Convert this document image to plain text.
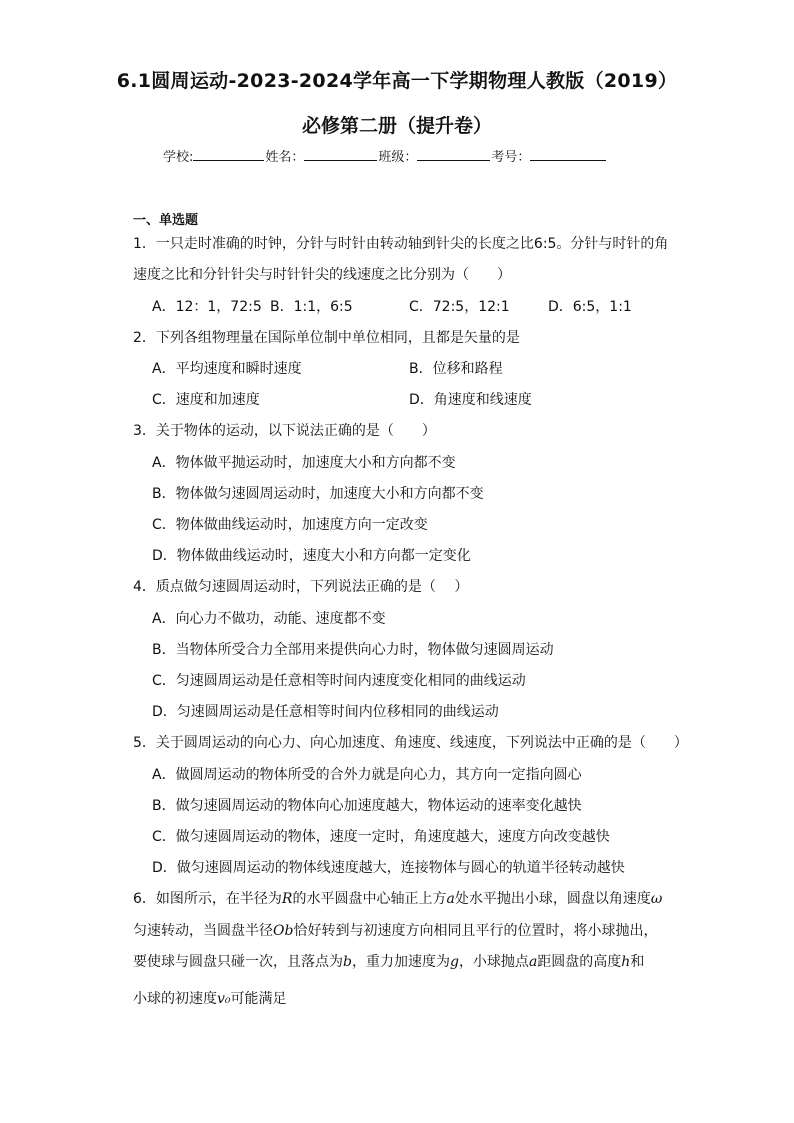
6.1圆周运动-2023-2024学年高一下学期物理人教版（2019）
必修第二册（提升卷）
学校:	姓名：	班级：	考号：
一、单选题
1．一只走时准确的时钟，分针与时针由转动轴到针尖的长度之比6:5。分针与时针的角
速度之比和分针针尖与时针针尖的线速度之比分别为（　　）
A．12：1，72:5 B．1:1，6:5	C．72:5，12:1	D．6:5，1:1
2．下列各组物理量在国际单位制中单位相同，且都是矢量的是
A．平均速度和瞬时速度	B．位移和路程
C．速度和加速度	D．角速度和线速度
3．关于物体的运动，以下说法正确的是（　　）
A．物体做平抛运动时，加速度大小和方向都不变
B．物体做匀速圆周运动时，加速度大小和方向都不变
C．物体做曲线运动时，加速度方向一定改变
D．物体做曲线运动时，速度大小和方向都一定变化
4．质点做匀速圆周运动时，下列说法正确的是（　 ）
A．向心力不做功，动能、速度都不变
B．当物体所受合力全部用来提供向心力时，物体做匀速圆周运动
C．匀速圆周运动是任意相等时间内速度变化相同的曲线运动
D．匀速圆周运动是任意相等时间内位移相同的曲线运动
5．关于圆周运动的向心力、向心加速度、角速度、线速度，下列说法中正确的是（　　）
A．做圆周运动的物体所受的合外力就是向心力，其方向一定指向圆心
B．做匀速圆周运动的物体向心加速度越大，物体运动的速率变化越快
C．做匀速圆周运动的物体，速度一定时，角速度越大，速度方向改变越快
D．做匀速圆周运动的物体线速度越大，连接物体与圆心的轨道半径转动越快
6．如图所示，在半径为R的水平圆盘中心轴正上方a处水平抛出小球，圆盘以角速度ω
匀速转动，当圆盘半径Ob恰好转到与初速度方向相同且平行的位置时，将小球抛出，
要使球与圆盘只碰一次，且落点为b，重力加速度为g，小球抛点a距圆盘的高度h和
小球的初速度v₀可能满足
